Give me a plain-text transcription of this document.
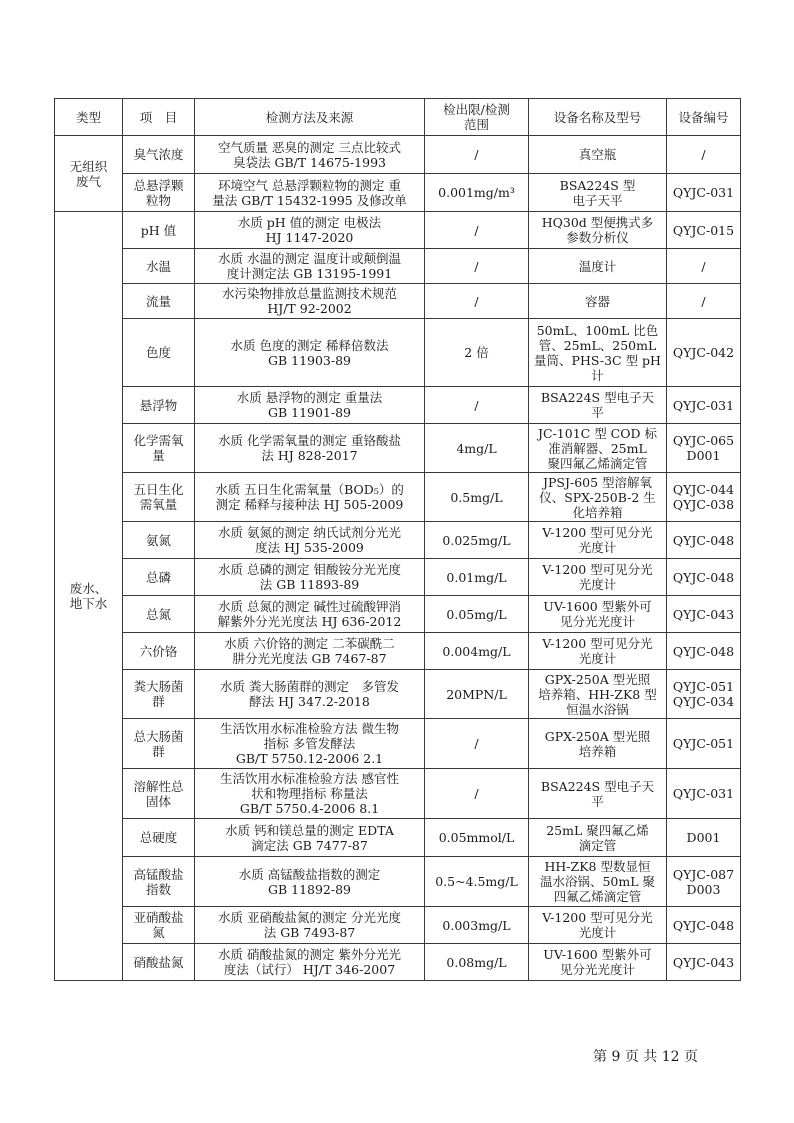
类型	项　目	检测方法及来源	检出限/检测
范围	设备名称及型号	设备编号

无组织
废气	臭气浓度	空气质量 恶臭的测定 三点比较式
臭袋法 GB/T 14675-1993	/	真空瓶	/

	总悬浮颗
粒物	环境空气 总悬浮颗粒物的测定 重
量法 GB/T 15432-1995 及修改单	0.001mg/m³	BSA224S 型
电子天平	QYJC-031

废水、
地下水	pH 值	水质 pH 值的测定 电极法
HJ 1147-2020	/	HQ30d 型便携式多
参数分析仪	QYJC-015

	水温	水质 水温的测定 温度计或颠倒温
度计测定法 GB 13195-1991	/	温度计	/

	流量	水污染物排放总量监测技术规范
HJ/T 92-2002	/	容器	/

	色度	水质 色度的测定 稀释倍数法
GB 11903-89	2 倍	50mL、100mL 比色
管、25mL、250mL
量筒、PHS-3C 型 pH
计	QYJC-042

	悬浮物	水质 悬浮物的测定 重量法
GB 11901-89	/	BSA224S 型电子天
平	QYJC-031

	化学需氧
量	水质 化学需氧量的测定 重铬酸盐
法 HJ 828-2017	4mg/L	JC-101C 型 COD 标
准消解器、25mL
聚四氟乙烯滴定管	QYJC-065
D001

	五日生化
需氧量	水质 五日生化需氧量（BOD₅）的
测定 稀释与接种法 HJ 505-2009	0.5mg/L	JPSJ-605 型溶解氧
仪、SPX-250B-2 生
化培养箱	QYJC-044
QYJC-038

	氨氮	水质 氨氮的测定 纳氏试剂分光光
度法 HJ 535-2009	0.025mg/L	V-1200 型可见分光
光度计	QYJC-048

	总磷	水质 总磷的测定 钼酸铵分光光度
法 GB 11893-89	0.01mg/L	V-1200 型可见分光
光度计	QYJC-048

	总氮	水质 总氮的测定 碱性过硫酸钾消
解紫外分光光度法 HJ 636-2012	0.05mg/L	UV-1600 型紫外可
见分光光度计	QYJC-043

	六价铬	水质 六价铬的测定 二苯碳酰二
肼分光光度法 GB 7467-87	0.004mg/L	V-1200 型可见分光
光度计	QYJC-048

	粪大肠菌
群	水质 粪大肠菌群的测定　多管发
酵法 HJ 347.2-2018	20MPN/L	GPX-250A 型光照
培养箱、HH-ZK8 型
恒温水浴锅	QYJC-051
QYJC-034

	总大肠菌
群	生活饮用水标准检验方法 微生物
指标 多管发酵法
GB/T 5750.12-2006 2.1	/	GPX-250A 型光照
培养箱	QYJC-051

	溶解性总
固体	生活饮用水标准检验方法 感官性
状和物理指标 称量法
GB/T 5750.4-2006 8.1	/	BSA224S 型电子天
平	QYJC-031

	总硬度	水质 钙和镁总量的测定 EDTA
滴定法 GB 7477-87	0.05mmol/L	25mL 聚四氟乙烯
滴定管	D001

	高锰酸盐
指数	水质 高锰酸盐指数的测定
GB 11892-89	0.5~4.5mg/L	HH-ZK8 型数显恒
温水浴锅、50mL 聚
四氟乙烯滴定管	QYJC-087
D003

	亚硝酸盐
氮	水质 亚硝酸盐氮的测定 分光光度
法 GB 7493-87	0.003mg/L	V-1200 型可见分光
光度计	QYJC-048

	硝酸盐氮	水质 硝酸盐氮的测定 紫外分光光
度法（试行） HJ/T 346-2007	0.08mg/L	UV-1600 型紫外可
见分光光度计	QYJC-043
第 9 页 共 12 页
